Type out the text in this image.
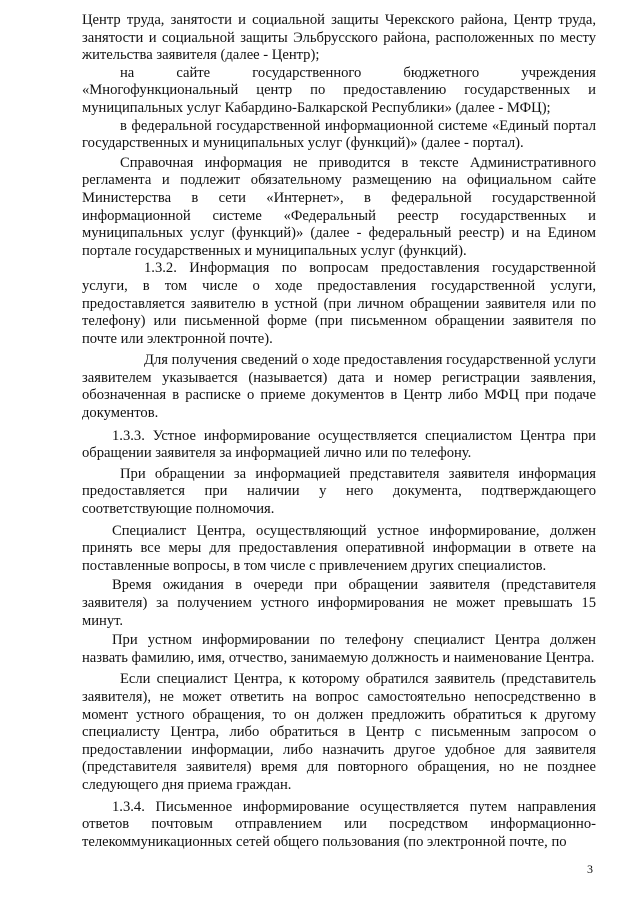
Центр труда, занятости и социальной защиты Черекского района, Центр труда, занятости и социальной защиты Эльбрусского района, расположенных по месту жительства заявителя (далее - Центр);

на сайте государственного бюджетного учреждения «Многофункциональный центр по предоставлению государственных и муниципальных услуг Кабардино-Балкарской Республики» (далее - МФЦ);

в федеральной государственной информационной системе «Единый портал государственных и муниципальных услуг (функций)» (далее - портал).

Справочная информация не приводится в тексте Административного регламента и подлежит обязательному размещению на официальном сайте Министерства в сети «Интернет», в федеральной государственной информационной системе «Федеральный реестр государственных и муниципальных услуг (функций)» (далее - федеральный реестр) и на Едином портале государственных и муниципальных услуг (функций).

1.3.2. Информация по вопросам предоставления государственной услуги, в том числе о ходе предоставления государственной услуги, предоставляется заявителю в устной (при личном обращении заявителя или по телефону) или письменной форме (при письменном обращении заявителя по почте или электронной почте).

Для получения сведений о ходе предоставления государственной услуги заявителем указывается (называется) дата и номер регистрации заявления, обозначенная в расписке о приеме документов в Центр либо МФЦ при подаче документов.

1.3.3. Устное информирование осуществляется специалистом Центра при обращении заявителя за информацией лично или по телефону.

При обращении за информацией представителя заявителя информация предоставляется при наличии у него документа, подтверждающего соответствующие полномочия.

Специалист Центра, осуществляющий устное информирование, должен принять все меры для предоставления оперативной информации в ответе на поставленные вопросы, в том числе с привлечением других специалистов.

Время ожидания в очереди при обращении заявителя (представителя заявителя) за получением устного информирования не может превышать 15 минут.

При устном информировании по телефону специалист Центра должен назвать фамилию, имя, отчество, занимаемую должность и наименование Центра.

Если специалист Центра, к которому обратился заявитель (представитель заявителя), не может ответить на вопрос самостоятельно непосредственно в момент устного обращения, то он должен предложить обратиться к другому специалисту Центра, либо обратиться в Центр с письменным запросом о предоставлении информации, либо назначить другое удобное для заявителя (представителя заявителя) время для повторного обращения, но не позднее следующего дня приема граждан.

1.3.4. Письменное информирование осуществляется путем направления ответов почтовым отправлением или посредством информационно-телекоммуникационных сетей общего пользования (по электронной почте, по

3
